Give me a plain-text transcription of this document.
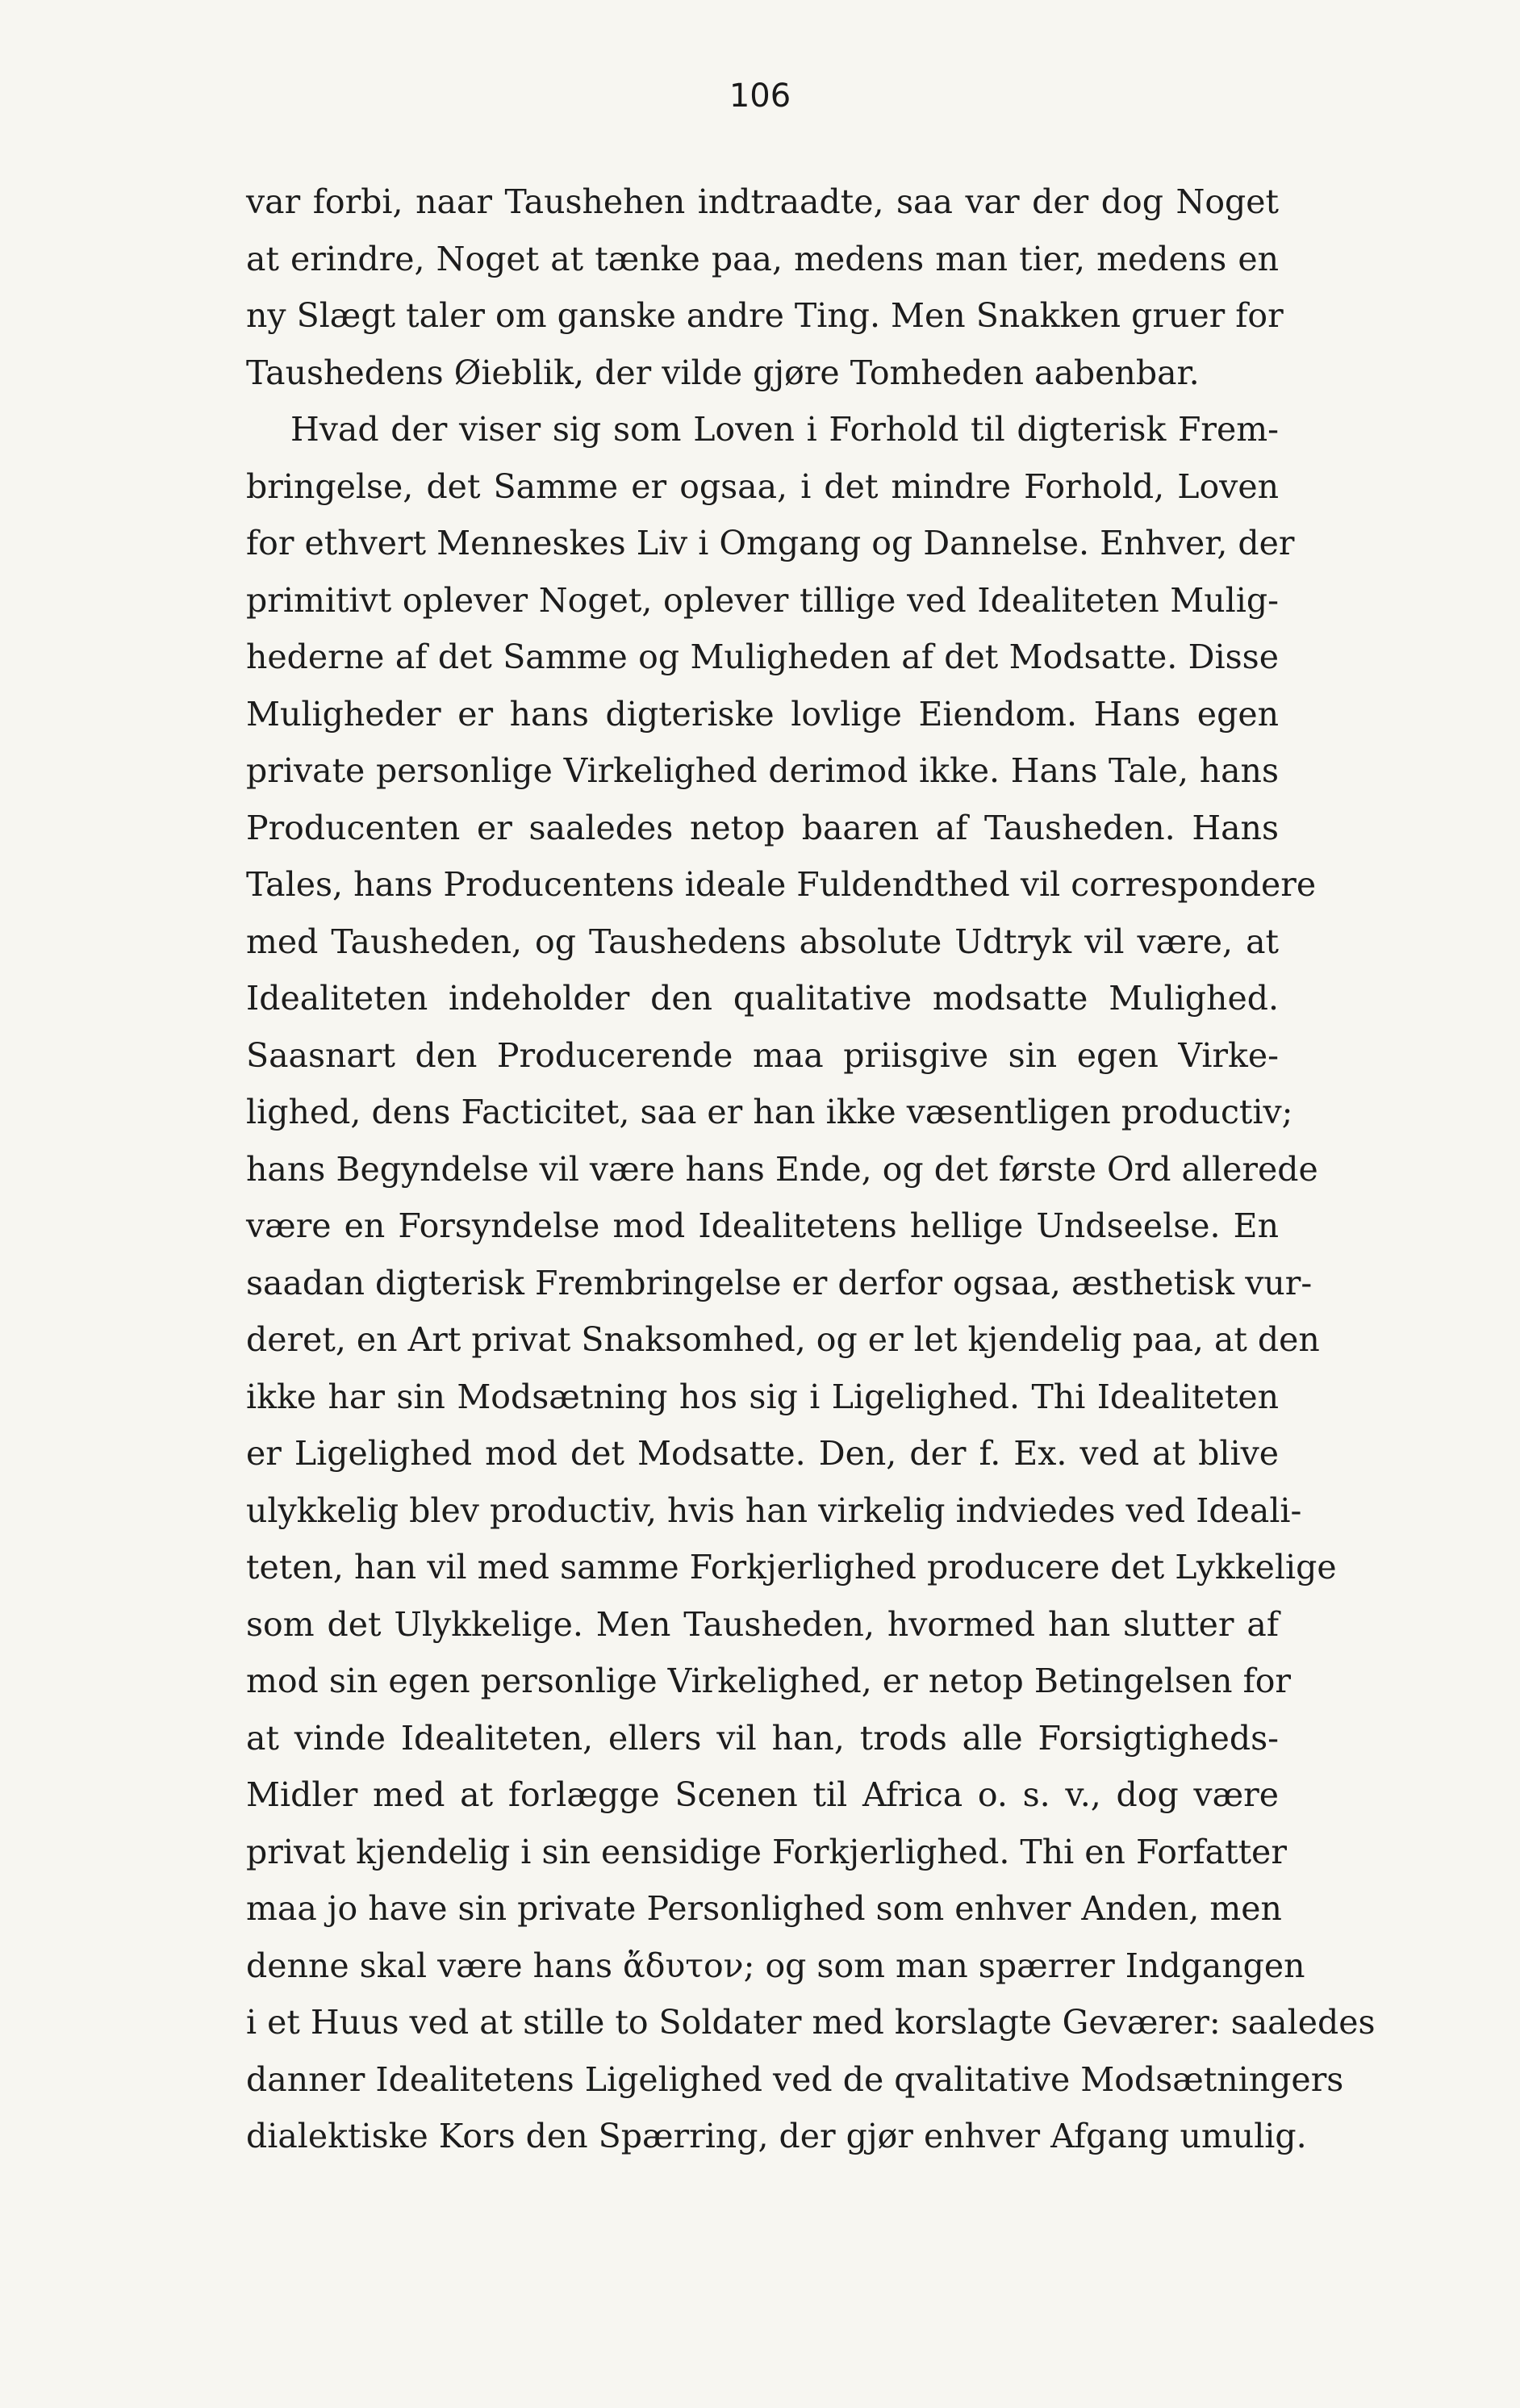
106
var forbi, naar Taushehen indtraadte, saa var der dog Noget
at erindre, Noget at tænke paa, medens man tier, medens en
ny Slægt taler om ganske andre Ting. Men Snakken gruer for
Taushedens Øieblik, der vilde gjøre Tomheden aabenbar.
Hvad der viser sig som Loven i Forhold til digterisk Frem-
bringelse, det Samme er ogsaa, i det mindre Forhold, Loven
for ethvert Menneskes Liv i Omgang og Dannelse. Enhver, der
primitivt oplever Noget, oplever tillige ved Idealiteten Mulig-
hederne af det Samme og Muligheden af det Modsatte. Disse
Muligheder er hans digteriske lovlige Eiendom. Hans egen
private personlige Virkelighed derimod ikke. Hans Tale, hans
Producenten er saaledes netop baaren af Tausheden. Hans
Tales, hans Producentens ideale Fuldendthed vil correspondere
med Tausheden, og Taushedens absolute Udtryk vil være, at
Idealiteten indeholder den qualitative modsatte Mulighed.
Saasnart den Producerende maa priisgive sin egen Virke-
lighed, dens Facticitet, saa er han ikke væsentligen productiv;
hans Begyndelse vil være hans Ende, og det første Ord allerede
være en Forsyndelse mod Idealitetens hellige Undseelse. En
saadan digterisk Frembringelse er derfor ogsaa, æsthetisk vur-
deret, en Art privat Snaksomhed, og er let kjendelig paa, at den
ikke har sin Modsætning hos sig i Ligelighed. Thi Idealiteten
er Ligelighed mod det Modsatte. Den, der f. Ex. ved at blive
ulykkelig blev productiv, hvis han virkelig indviedes ved Ideali-
teten, han vil med samme Forkjerlighed producere det Lykkelige
som det Ulykkelige. Men Tausheden, hvormed han slutter af
mod sin egen personlige Virkelighed, er netop Betingelsen for
at vinde Idealiteten, ellers vil han, trods alle Forsigtigheds-
Midler med at forlægge Scenen til Africa o. s. v., dog være
privat kjendelig i sin eensidige Forkjerlighed. Thi en Forfatter
maa jo have sin private Personlighed som enhver Anden, men
denne skal være hans ἄδυτον; og som man spærrer Indgangen
i et Huus ved at stille to Soldater med korslagte Geværer: saaledes
danner Idealitetens Ligelighed ved de qvalitative Modsætningers
dialektiske Kors den Spærring, der gjør enhver Afgang umulig.
